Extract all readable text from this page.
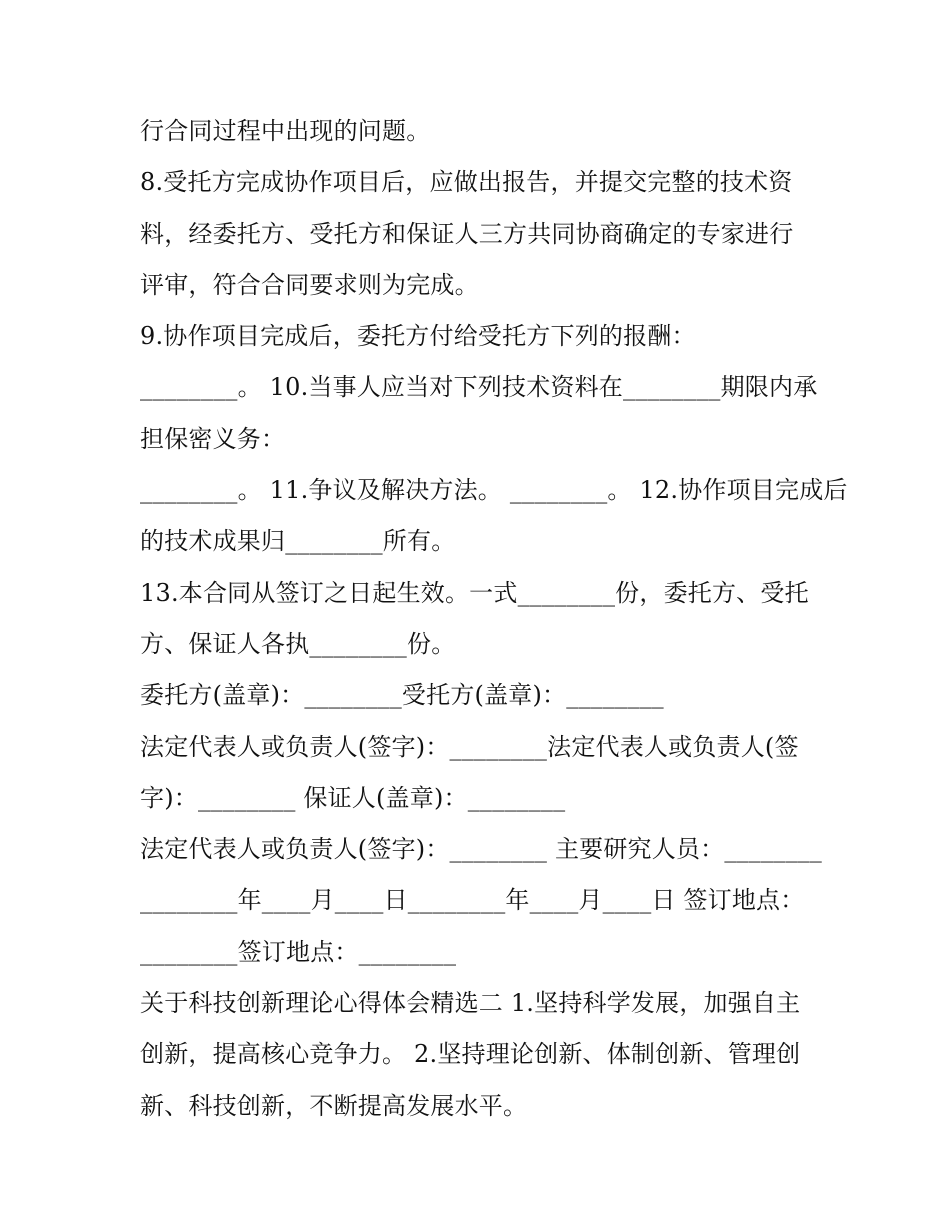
行合同过程中出现的问题。
8.受托方完成协作项目后，应做出报告，并提交完整的技术资
料，经委托方、受托方和保证人三方共同协商确定的专家进行
评审，符合合同要求则为完成。
9.协作项目完成后，委托方付给受托方下列的报酬：
________。 10.当事人应当对下列技术资料在________期限内承
担保密义务：
________。 11.争议及解决方法。 ________。 12.协作项目完成后
的技术成果归________所有。
13.本合同从签订之日起生效。一式________份，委托方、受托
方、保证人各执________份。
委托方(盖章)：________受托方(盖章)：________
法定代表人或负责人(签字)：________法定代表人或负责人(签
字)：________ 保证人(盖章)：________
法定代表人或负责人(签字)：________ 主要研究人员：________
________年____月____日________年____月____日 签订地点：
________签订地点：________
关于科技创新理论心得体会精选二 1.坚持科学发展，加强自主
创新，提高核心竞争力。 2.坚持理论创新、体制创新、管理创
新、科技创新，不断提高发展水平。
